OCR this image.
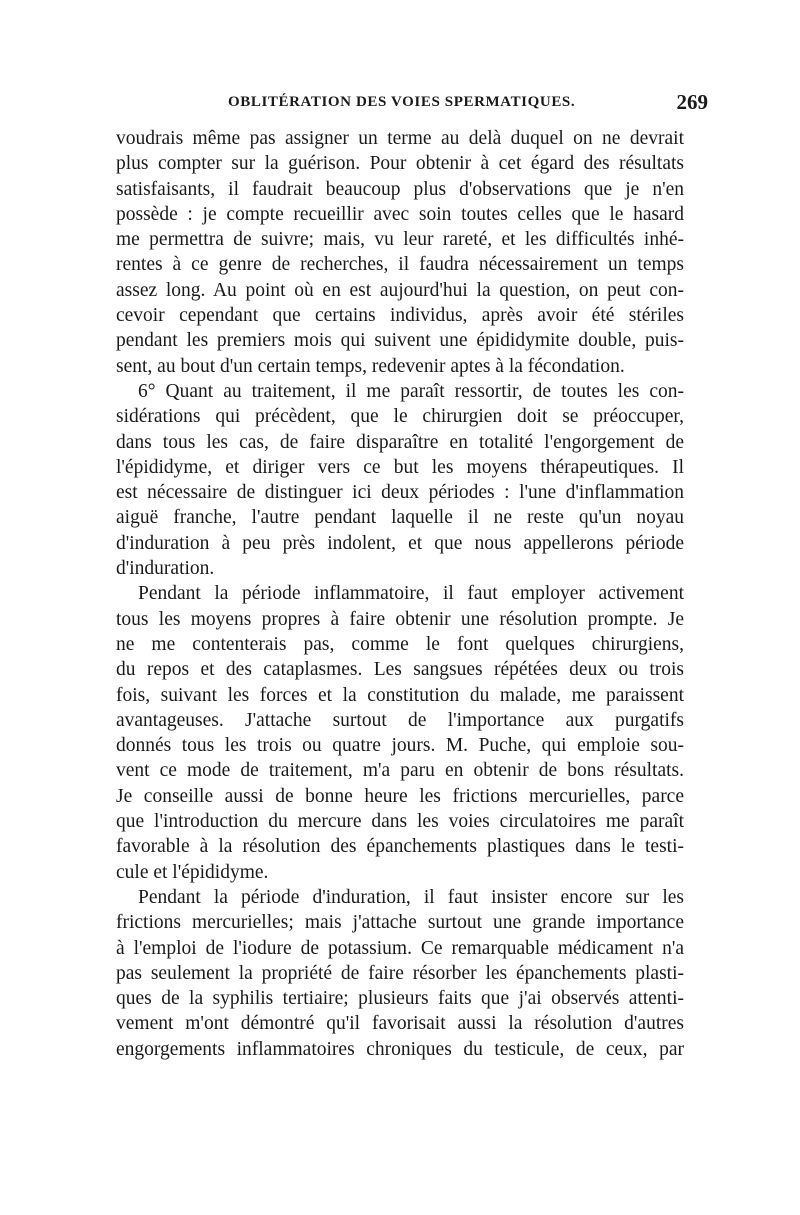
OBLITÉRATION DES VOIES SPERMATIQUES.	269
voudrais même pas assigner un terme au delà duquel on ne devrait
plus compter sur la guérison. Pour obtenir à cet égard des résultats
satisfaisants, il faudrait beaucoup plus d'observations que je n'en
possède : je compte recueillir avec soin toutes celles que le hasard
me permettra de suivre; mais, vu leur rareté, et les difficultés inhé-
rentes à ce genre de recherches, il faudra nécessairement un temps
assez long. Au point où en est aujourd'hui la question, on peut con-
cevoir cependant que certains individus, après avoir été stériles
pendant les premiers mois qui suivent une épididymite double, puis-
sent, au bout d'un certain temps, redevenir aptes à la fécondation.
6° Quant au traitement, il me paraît ressortir, de toutes les con-
sidérations qui précèdent, que le chirurgien doit se préoccuper,
dans tous les cas, de faire disparaître en totalité l'engorgement de
l'épididyme, et diriger vers ce but les moyens thérapeutiques. Il
est nécessaire de distinguer ici deux périodes : l'une d'inflammation
aiguë franche, l'autre pendant laquelle il ne reste qu'un noyau
d'induration à peu près indolent, et que nous appellerons période
d'induration.
Pendant la période inflammatoire, il faut employer activement
tous les moyens propres à faire obtenir une résolution prompte. Je
ne me contenterais pas, comme le font quelques chirurgiens,
du repos et des cataplasmes. Les sangsues répétées deux ou trois
fois, suivant les forces et la constitution du malade, me paraissent
avantageuses. J'attache surtout de l'importance aux purgatifs
donnés tous les trois ou quatre jours. M. Puche, qui emploie sou-
vent ce mode de traitement, m'a paru en obtenir de bons résultats.
Je conseille aussi de bonne heure les frictions mercurielles, parce
que l'introduction du mercure dans les voies circulatoires me paraît
favorable à la résolution des épanchements plastiques dans le testi-
cule et l'épididyme.
Pendant la période d'induration, il faut insister encore sur les
frictions mercurielles; mais j'attache surtout une grande importance
à l'emploi de l'iodure de potassium. Ce remarquable médicament n'a
pas seulement la propriété de faire résorber les épanchements plasti-
ques de la syphilis tertiaire; plusieurs faits que j'ai observés attenti-
vement m'ont démontré qu'il favorisait aussi la résolution d'autres
engorgements inflammatoires chroniques du testicule, de ceux, par
